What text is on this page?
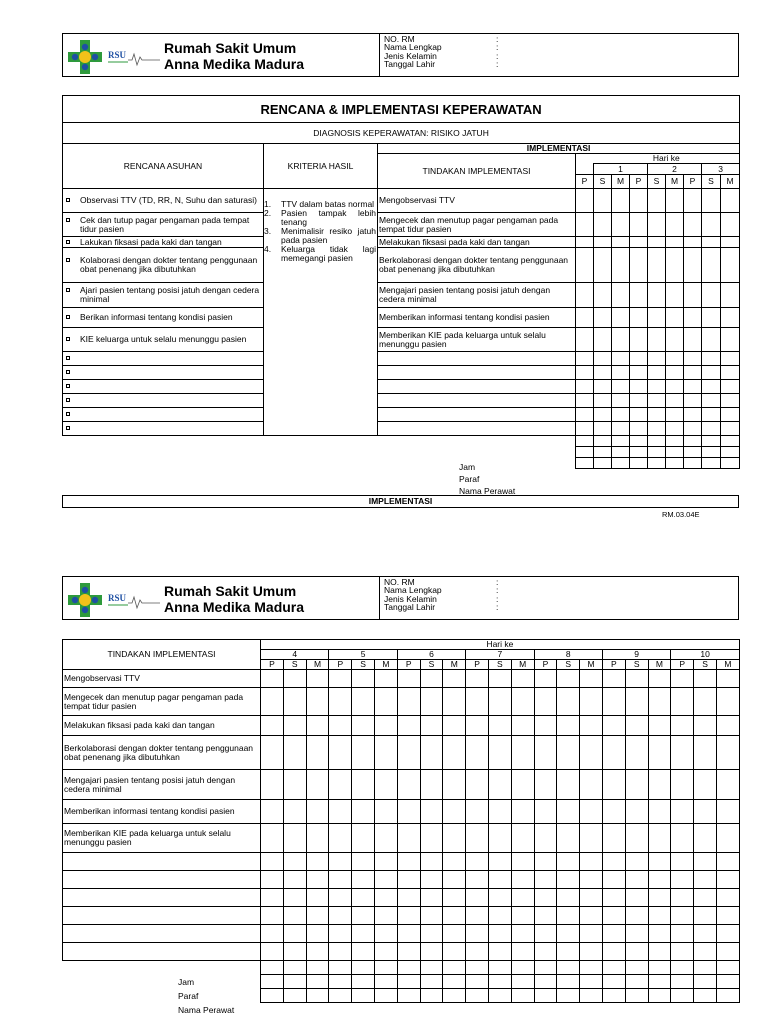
RSU	Rumah Sakit Umum
Anna Medika Madura
NO. RM
Nama Lengkap
Jenis Kelamin
Tanggal Lahir
:
:
:
:
RENCANA & IMPLEMENTASI KEPERAWATAN											
DIAGNOSIS KEPERAWATAN: RISIKO JATUH											
RENCANA ASUHAN	KRITERIA HASIL	IMPLEMENTASI									
		TINDAKAN IMPLEMENTASI		Hari ke							
				1			2			3	
			P	S	M	P	S	M	P	S	M

Observasi TTV (TD, RR, N, Suhu dan saturasi)		Mengobservasi TTV									

Cek dan tutup pagar pengaman pada tempat tidur pasien		Mengecek dan menutup pagar pengaman pada tempat tidur pasien									

Lakukan fiksasi pada kaki dan tangan		Melakukan fiksasi pada kaki dan tangan									

Kolaborasi dengan dokter tentang penggunaan obat penenang jika dibutuhkan		Berkolaborasi dengan dokter tentang penggunaan obat penenang jika dibutuhkan									

Ajari pasien tentang posisi jatuh dengan cedera minimal		Mengajari pasien tentang posisi jatuh dengan cedera minimal									

Berikan informasi tentang kondisi pasien		Memberikan informasi tentang kondisi pasien									

KIE keluarga untuk selalu menunggu pasien		Memberikan KIE pada keluarga untuk selalu menunggu pasien									

1.	TTV dalam batas normal
2.	Pasien tampak lebih tenang
3.	Menimalisir resiko jatuh pada pasien
4.	Keluarga tidak lagi memegangi pasien
Jam
Paraf
Nama Perawat
IMPLEMENTASI
RM.03.04E
RSU	Rumah Sakit Umum
Anna Medika Madura
NO. RM
Nama Lengkap
Jenis Kelamin
Tanggal Lahir
:
:
:
:
TINDAKAN IMPLEMENTASI	Hari ke																				
	4			5			6			7			8			9			10		
	P	S	M	P	S	M	P	S	M	P	S	M	P	S	M	P	S	M	P	S	M
Mengobservasi TTV																					
Mengecek dan menutup pagar pengaman pada tempat tidur pasien																					
Melakukan fiksasi pada kaki dan tangan																					
Berkolaborasi dengan dokter tentang penggunaan obat penenang jika dibutuhkan																					
Mengajari pasien tentang posisi jatuh dengan cedera minimal																					
Memberikan informasi tentang kondisi pasien																					
Memberikan KIE pada keluarga untuk selalu menunggu pasien																					

Jam
Paraf
Nama Perawat
